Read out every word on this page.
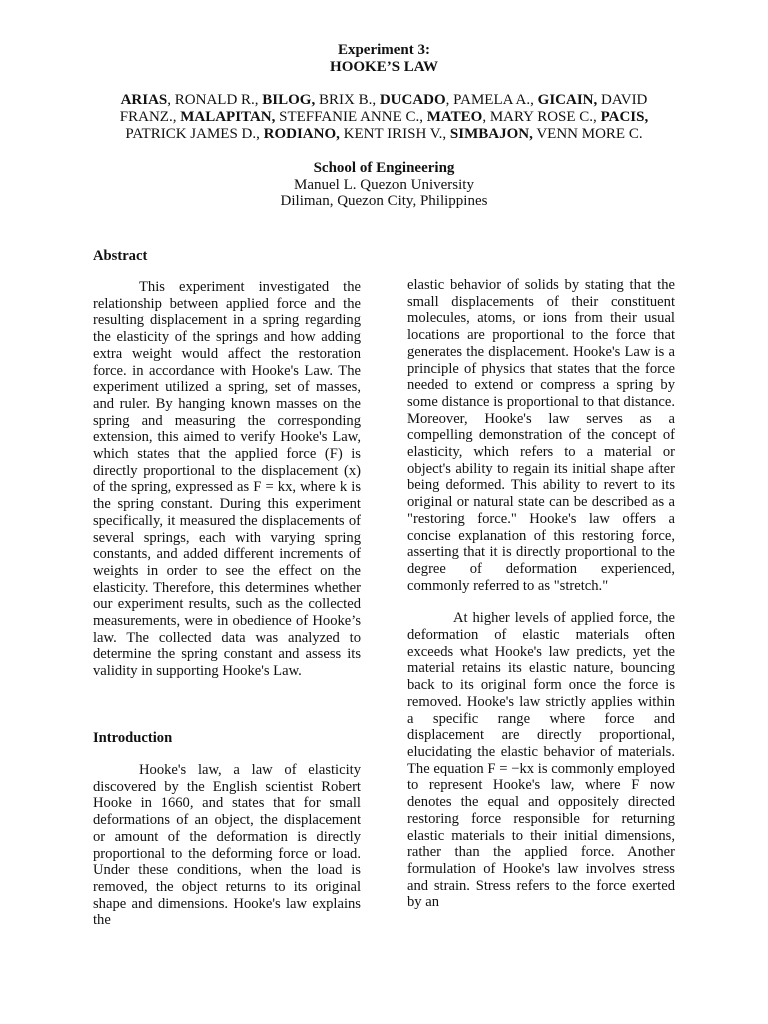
Experiment 3:
HOOKE’S LAW
ARIAS, RONALD R., BILOG, BRIX B., DUCADO, PAMELA A., GICAIN, DAVID FRANZ., MALAPITAN, STEFFANIE ANNE C., MATEO, MARY ROSE C., PACIS, PATRICK JAMES D., RODIANO, KENT IRISH V., SIMBAJON, VENN MORE C.
School of Engineering
Manuel L. Quezon University
Diliman, Quezon City, Philippines
Abstract

This experiment investigated the relationship between applied force and the resulting displacement in a spring regarding the elasticity of the springs and how adding extra weight would affect the restoration force. in accordance with Hooke's Law. The experiment utilized a spring, set of masses, and ruler. By hanging known masses on the spring and measuring the corresponding extension, this aimed to verify Hooke's Law, which states that the applied force (F) is directly proportional to the displacement (x) of the spring, expressed as F = kx, where k is the spring constant. During this experiment specifically, it measured the displacements of several springs, each with varying spring constants, and added different increments of weights in order to see the effect on the elasticity. Therefore, this determines whether our experiment results, such as the collected measurements, were in obedience of Hooke’s law. The collected data was analyzed to determine the spring constant and assess its validity in supporting Hooke's Law.

Introduction

Hooke's law, a law of elasticity discovered by the English scientist Robert Hooke in 1660, and states that for small deformations of an object, the displacement or amount of the deformation is directly proportional to the deforming force or load. Under these conditions, when the load is removed, the object returns to its original shape and dimensions. Hooke's law explains the

elastic behavior of solids by stating that the small displacements of their constituent molecules, atoms, or ions from their usual locations are proportional to the force that generates the displacement. Hooke's Law is a principle of physics that states that the force needed to extend or compress a spring by some distance is proportional to that distance. Moreover, Hooke's law serves as a compelling demonstration of the concept of elasticity, which refers to a material or object's ability to regain its initial shape after being deformed. This ability to revert to its original or natural state can be described as a "restoring force." Hooke's law offers a concise explanation of this restoring force, asserting that it is directly proportional to the degree of deformation experienced, commonly referred to as "stretch."

At higher levels of applied force, the deformation of elastic materials often exceeds what Hooke's law predicts, yet the material retains its elastic nature, bouncing back to its original form once the force is removed. Hooke's law strictly applies within a specific range where force and displacement are directly proportional, elucidating the elastic behavior of materials. The equation F = −kx is commonly employed to represent Hooke's law, where F now denotes the equal and oppositely directed restoring force responsible for returning elastic materials to their initial dimensions, rather than the applied force. Another formulation of Hooke's law involves stress and strain. Stress refers to the force exerted by an
